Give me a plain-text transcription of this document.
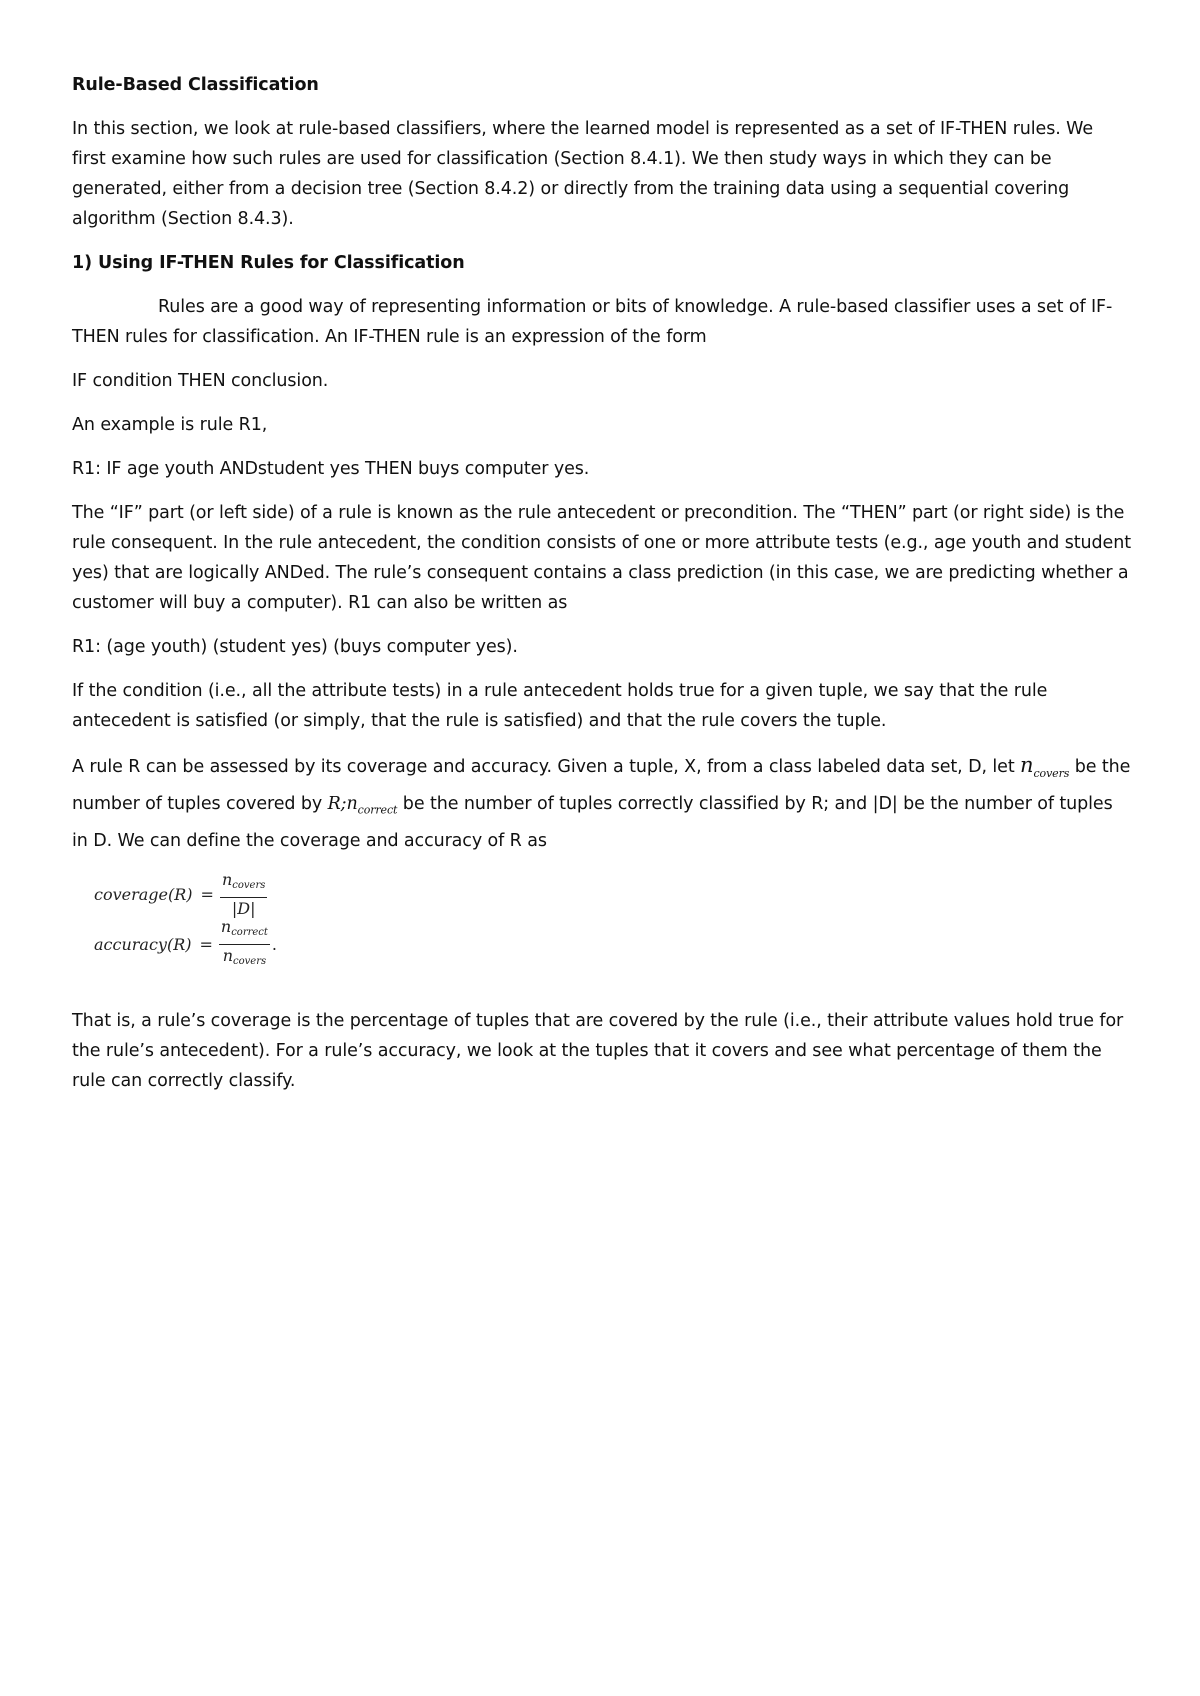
Rule-Based Classification

In this section, we look at rule-based classifiers, where the learned model is represented as a set of IF-THEN rules. We first examine how such rules are used for classification (Section 8.4.1). We then study ways in which they can be generated, either from a decision tree (Section 8.4.2) or directly from the training data using a sequential covering algorithm (Section 8.4.3).

1) Using IF-THEN Rules for Classification

Rules are a good way of representing information or bits of knowledge. A rule-based classifier uses a set of IF-THEN rules for classification. An IF-THEN rule is an expression of the form

IF condition THEN conclusion.

An example is rule R1,

R1: IF age youth ANDstudent yes THEN buys computer yes.

The “IF” part (or left side) of a rule is known as the rule antecedent or precondition. The “THEN” part (or right side) is the rule consequent. In the rule antecedent, the condition consists of one or more attribute tests (e.g., age youth and student yes) that are logically ANDed. The rule’s consequent contains a class prediction (in this case, we are predicting whether a customer will buy a computer). R1 can also be written as

R1: (age youth) (student yes) (buys computer yes).

If the condition (i.e., all the attribute tests) in a rule antecedent holds true for a given tuple, we say that the rule antecedent is satisfied (or simply, that the rule is satisfied) and that the rule covers the tuple.

A rule R can be assessed by its coverage and accuracy. Given a tuple, X, from a class labeled data set, D, let $n_{covers}$ be the number of tuples covered by $R;n_{correct}$ be the number of tuples correctly classified by R; and |D| be the number of tuples in D. We can define the coverage and accuracy of R as

coverage(R) = $\frac{\text{ncovers}}{|D|}$
accuracy(R) = $\frac{\text{ncorrect}}{\text{ncovers}}$ .

That is, a rule’s coverage is the percentage of tuples that are covered by the rule (i.e., their attribute values hold true for the rule’s antecedent). For a rule’s accuracy, we look at the tuples that it covers and see what percentage of them the rule can correctly classify.
